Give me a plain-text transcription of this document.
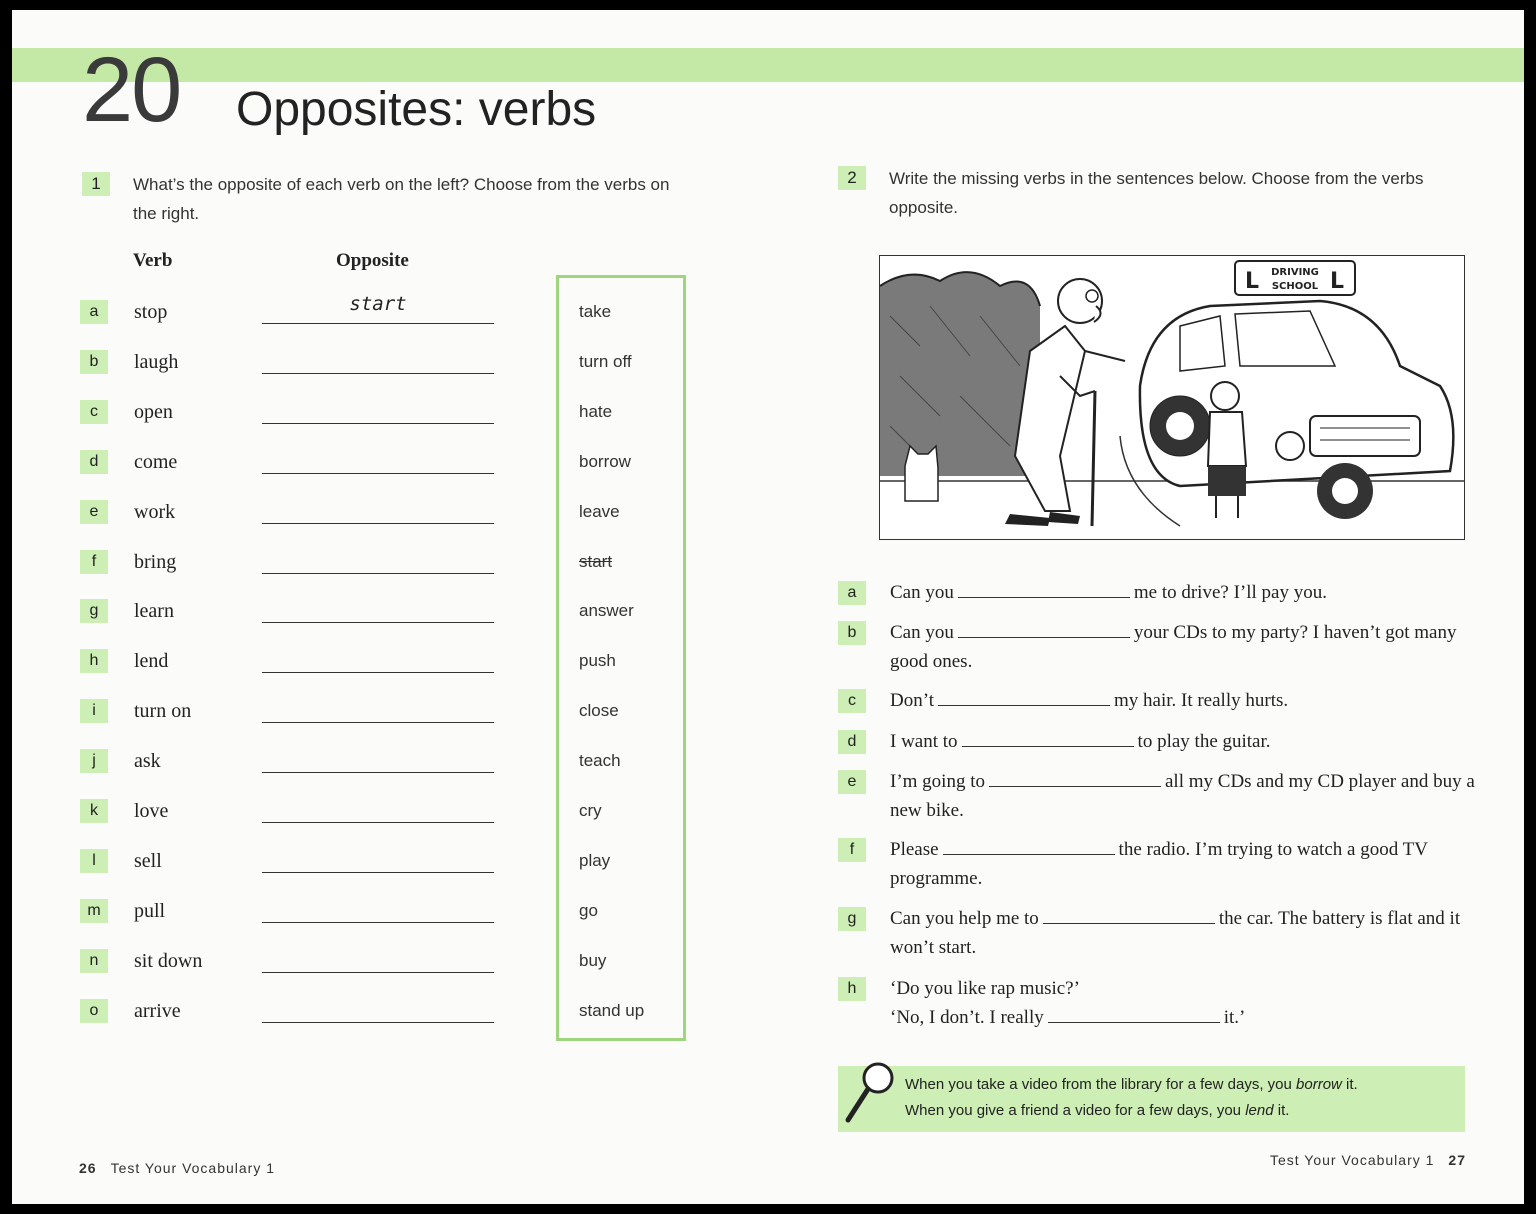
20 Opposites: verbs
1	What’s the opposite of each verb on the left? Choose from the verbs on
the right.
Verb	Opposite
a	stop	start
b	laugh
c	open
d	come
e	work
f	bring
g	learn
h	lend
i	turn on
j	ask
k	love
l	sell
m	pull
n	sit down
o	arrive
take
turn off
hate
borrow
leave
start
answer
push
close
teach
cry
play
go
buy
stand up
2	Write the missing verbs in the sentences below. Choose from the verbs
opposite.
DRIVING
SCHOOL
L	L
a	Can you	me to drive? I’ll pay you.
b	Can you	your CDs to my party? I haven’t got many good ones.
c	Don’t	my hair. It really hurts.
d	I want to	to play the guitar.
e	I’m going to	all my CDs and my CD player and buy a new bike.
f	Please	the radio. I’m trying to watch a good TV programme.
g	Can you help me to	the car. The battery is flat and it won’t start.
h	‘Do you like rap music?’
‘No, I don’t. I really	it.’
When you take a video from the library for a few days, you borrow it.
When you give a friend a video for a few days, you lend it.
26 Test Your Vocabulary 1	Test Your Vocabulary 1 27
